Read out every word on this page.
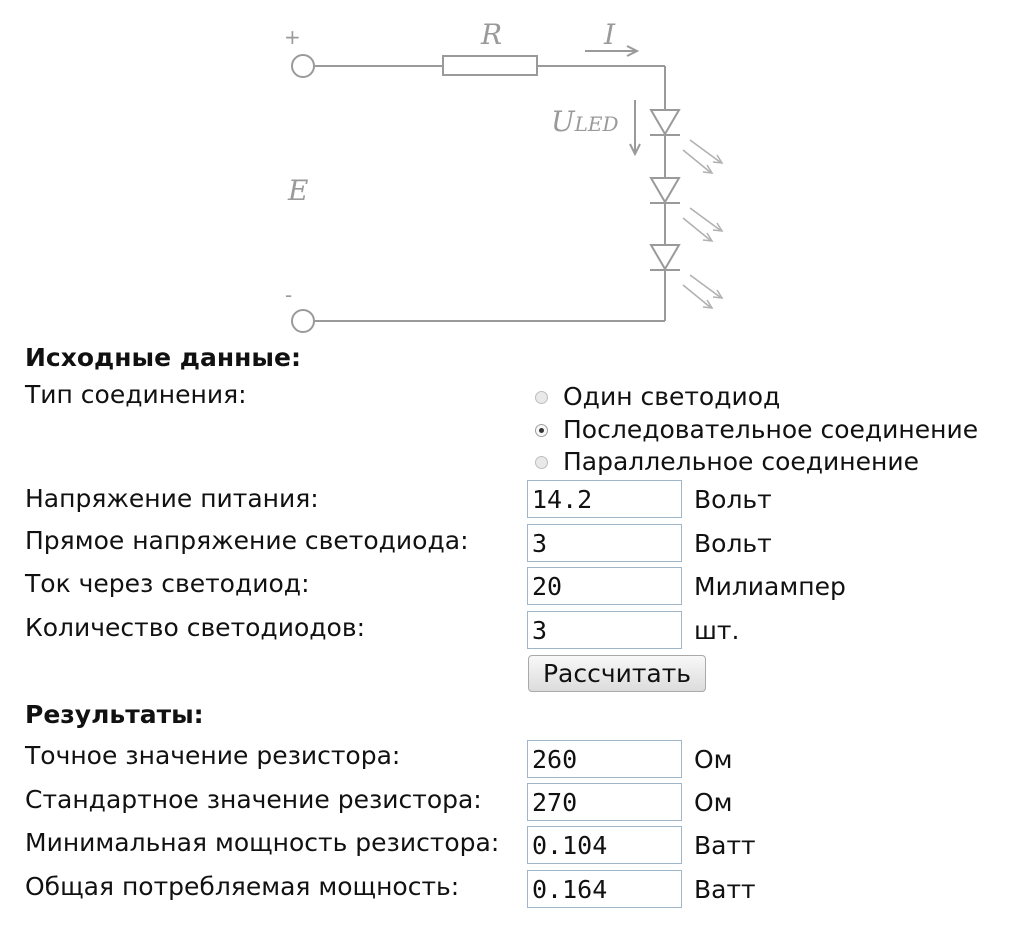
+
-
R	I
ULED
E
Исходные данные:
Тип соединения:	Один светодиод
Последовательное соединение
Параллельное соединение
Напряжение питания:
14.2	Вольт
Прямое напряжение светодиода:
3	Вольт
Ток через светодиод:
20	Милиампер
Количество светодиодов:
3	шт.
Рассчитать
Результаты:
Точное значение резистора:
260	Ом
Стандартное значение резистора:
270	Ом
Минимальная мощность резистора:
0.104	Ватт
Общая потребляемая мощность:
0.164	Ватт
